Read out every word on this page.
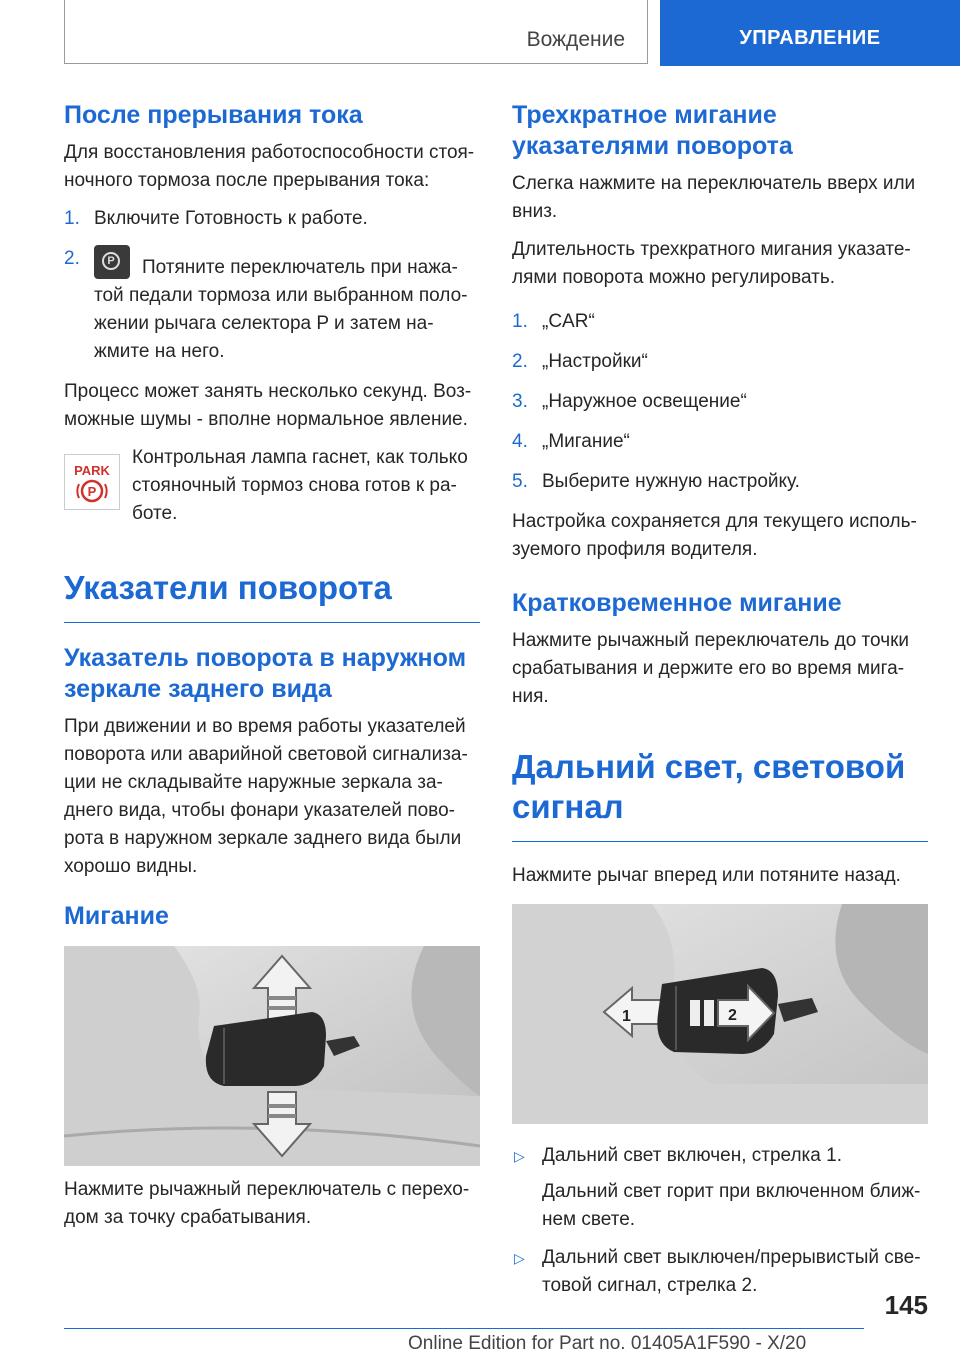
Вождение	УПРАВЛЕНИЕ
После прерывания тока

Для восстановления работоспособности стоя-ночного тормоза после прерывания тока:

1. Включите Готовность к работе.
2.	P Потяните переключатель при нажа-той педали тормоза или выбранном поло-жении рычага селектора P и затем на-жмите на него.

Процесс может занять несколько секунд. Воз-можные шумы - вполне нормальное явление.

PARK
P

Контрольная лампа гаснет, как только стояночный тормоз снова готов к ра-боте.

Указатели поворота
Указатель поворота в наружном зеркале заднего вида

При движении и во время работы указателей поворота или аварийной световой сигнализа-ции не складывайте наружные зеркала за-днего вида, чтобы фонари указателей пово-рота в наружном зеркале заднего вида были хорошо видны.

Мигание

Нажмите рычажный переключатель с перехо-дом за точку срабатывания.

Трехкратное мигание указателями поворота

Слегка нажмите на переключатель вверх или вниз.

Длительность трехкратного мигания указате-лями поворота можно регулировать.

1. „CAR“
2. „Настройки“
3. „Наружное освещение“
4. „Мигание“
5. Выберите нужную настройку.

Настройка сохраняется для текущего исполь-зуемого профиля водителя.

Кратковременное мигание

Нажмите рычажный переключатель до точки срабатывания и держите его во время мига-ния.

Дальний свет, световой сигнал

Нажмите рычаг вперед или потяните назад.

1	2
▷ Дальний свет включен, стрелка 1.
Дальний свет горит при включенном ближ-нем свете.
▷ Дальний свет выключен/прерывистый све-товой сигнал, стрелка 2.
145
Online Edition for Part no. 01405A1F590 - X/20
